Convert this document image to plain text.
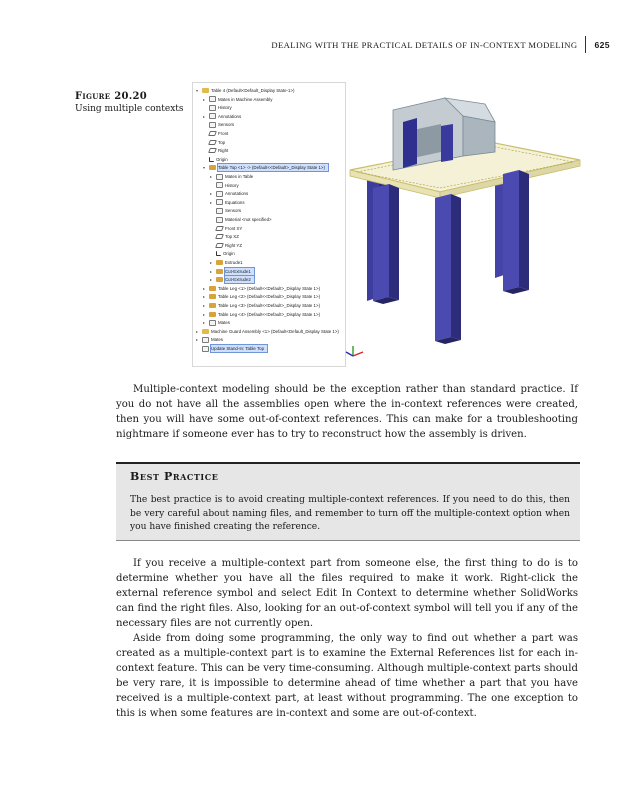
DEALING WITH THE PRACTICAL DETAILS OF IN-CONTEXT MODELING 625
Figure 20.20
Using multiple contexts
▾	Table 4 (Default<Default_Display State-1>)
▸	Mates in Machine Assembly
History
▸	Annotations
Sensors
Front
Top
Right
Origin
▾	Table Top <1> -> (Default<<Default>_Display State 1>)
▸	Mates in Table
History
▸	Annotations
▸	Equations
Sensors
Material <not specified>
Front XY
Top XZ
Right YZ
Origin
▸	Extrude1
▸	Cut-Extrude1
▸	Cut-Extrude2
▸	Table Leg <1> (Default<<Default>_Display State 1>)
▸	Table Leg <2> (Default<<Default>_Display State 1>)
▸	Table Leg <3> (Default<<Default>_Display State 1>)
▸	Table Leg <4> (Default<<Default>_Display State 1>)
▸	Mates
▸	Machine Guard Assembly <1> (Default<Default_Display State 1>)
▸	Mates
Update Stand-In: Table Top

Multiple-context modeling should be the exception rather than standard practice. If you do not have all the assemblies open where the in-context references were created, then you will have some out-of-context references. This can make for a troubleshooting nightmare if someone ever has to try to reconstruct how the assembly is driven.

Best Practice
The best practice is to avoid creating multiple-context references. If you need to do this, then be very careful about naming files, and remember to turn off the multiple-context option when you have finished creating the reference.

If you receive a multiple-context part from someone else, the first thing to do is to determine whether you have all the files required to make it work. Right-click the external reference symbol and select Edit In Context to determine whether SolidWorks can find the right files. Also, looking for an out-of-context symbol will tell you if any of the necessary files are not currently open.

Aside from doing some programming, the only way to find out whether a part was created as a multiple-context part is to examine the External References list for each in-context feature. This can be very time-consuming. Although multiple-context parts should be very rare, it is impossible to determine ahead of time whether a part that you have received is a multiple-context part, at least without programming. The one exception to this is when some features are in-context and some are out-of-context.
